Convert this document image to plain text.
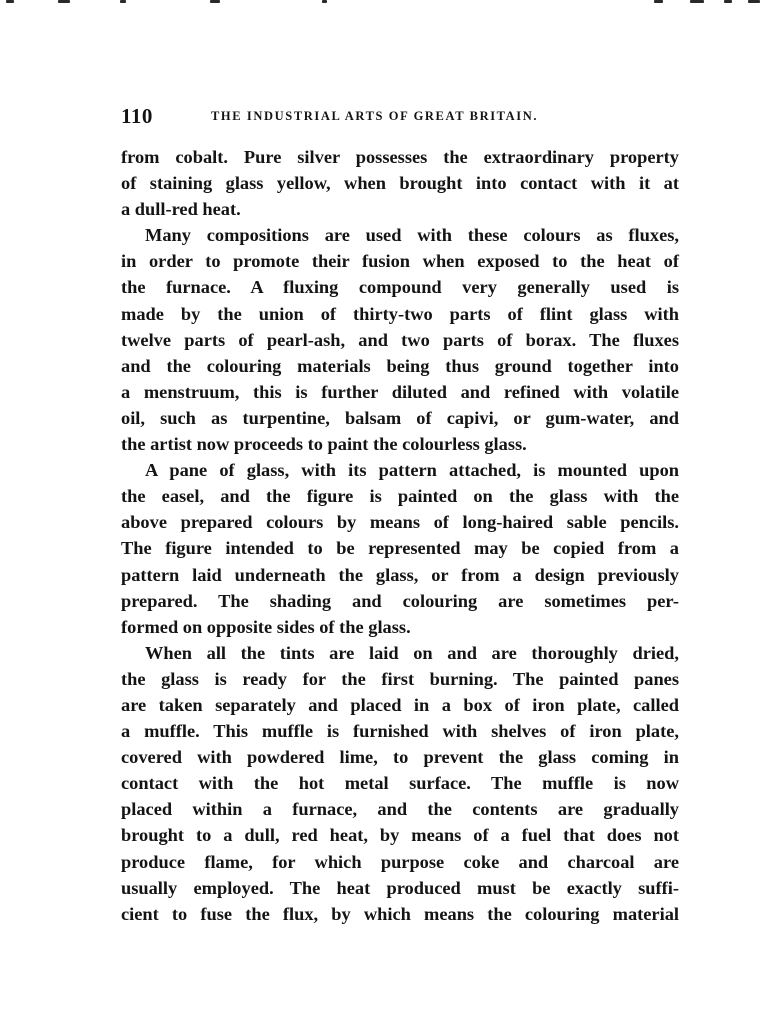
110	THE INDUSTRIAL ARTS OF GREAT BRITAIN.
from cobalt. Pure silver possesses the extraordinary property
of staining glass yellow, when brought into contact with it at
a dull-red heat.
Many compositions are used with these colours as fluxes,
in order to promote their fusion when exposed to the heat of
the furnace. A fluxing compound very generally used is
made by the union of thirty-two parts of flint glass with
twelve parts of pearl-ash, and two parts of borax. The fluxes
and the colouring materials being thus ground together into
a menstruum, this is further diluted and refined with volatile
oil, such as turpentine, balsam of capivi, or gum-water, and
the artist now proceeds to paint the colourless glass.
A pane of glass, with its pattern attached, is mounted upon
the easel, and the figure is painted on the glass with the
above prepared colours by means of long-haired sable pencils.
The figure intended to be represented may be copied from a
pattern laid underneath the glass, or from a design previously
prepared. The shading and colouring are sometimes per-
formed on opposite sides of the glass.
When all the tints are laid on and are thoroughly dried,
the glass is ready for the first burning. The painted panes
are taken separately and placed in a box of iron plate, called
a muffle. This muffle is furnished with shelves of iron plate,
covered with powdered lime, to prevent the glass coming in
contact with the hot metal surface. The muffle is now
placed within a furnace, and the contents are gradually
brought to a dull, red heat, by means of a fuel that does not
produce flame, for which purpose coke and charcoal are
usually employed. The heat produced must be exactly suffi-
cient to fuse the flux, by which means the colouring material
